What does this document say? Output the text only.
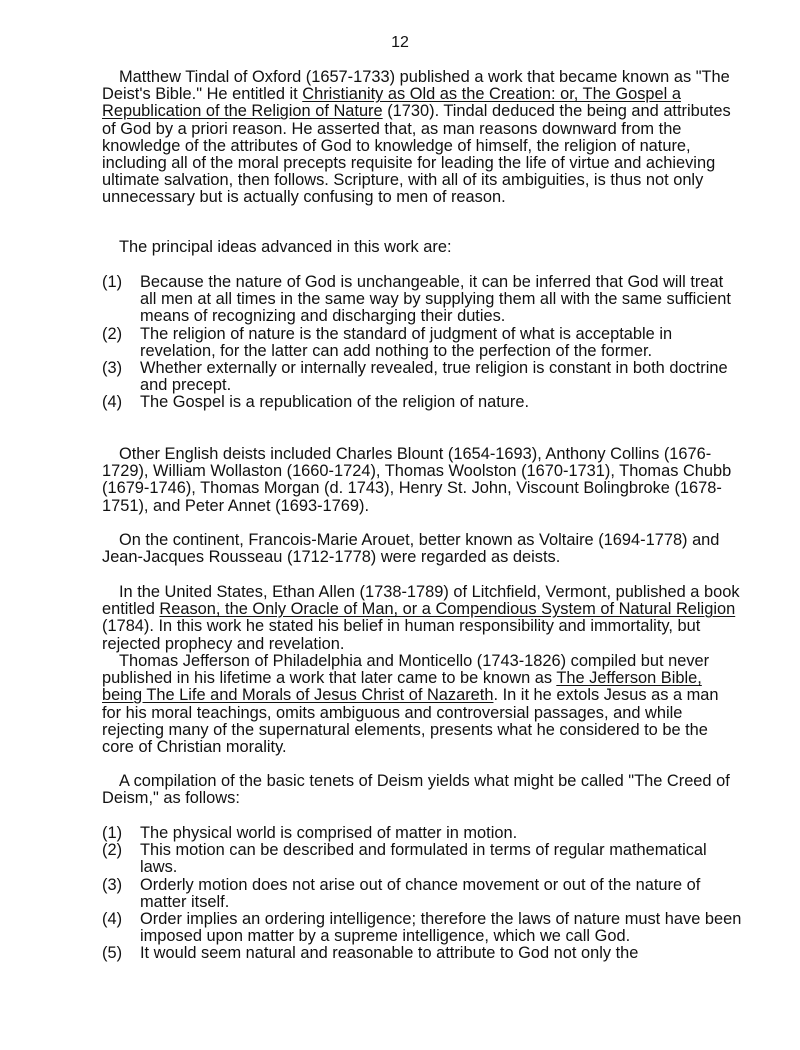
12

Matthew Tindal of Oxford (1657-1733) published a work that became known as "The Deist's Bible." He entitled it Christianity as Old as the Creation: or, The Gospel a Republication of the Religion of Nature (1730). Tindal deduced the being and attributes of God by a priori reason. He asserted that, as man reasons downward from the knowledge of the attributes of God to knowledge of himself, the religion of nature, including all of the moral precepts requisite for leading the life of virtue and achieving ultimate salvation, then follows. Scripture, with all of its ambiguities, is thus not only unnecessary but is actually confusing to men of reason.

The principal ideas advanced in this work are:

(1)	Because the nature of God is unchangeable, it can be inferred that God will treat all men at all times in the same way by supplying them all with the same sufficient means of recognizing and discharging their duties.
(2)	The religion of nature is the standard of judgment of what is acceptable in revelation, for the latter can add nothing to the perfection of the former.
(3)	Whether externally or internally revealed, true religion is constant in both doctrine and precept.
(4)	The Gospel is a republication of the religion of nature.

Other English deists included Charles Blount (1654-1693), Anthony Collins (1676-1729), William Wollaston (1660-1724), Thomas Woolston (1670-1731), Thomas Chubb (1679-1746), Thomas Morgan (d. 1743), Henry St. John, Viscount Bolingbroke (1678-1751), and Peter Annet (1693-1769).

On the continent, Francois-Marie Arouet, better known as Voltaire (1694-1778) and Jean-Jacques Rousseau (1712-1778) were regarded as deists.

In the United States, Ethan Allen (1738-1789) of Litchfield, Vermont, published a book entitled Reason, the Only Oracle of Man, or a Compendious System of Natural Religion (1784). In this work he stated his belief in human responsibility and immortality, but rejected prophecy and revelation.

Thomas Jefferson of Philadelphia and Monticello (1743-1826) compiled but never published in his lifetime a work that later came to be known as The Jefferson Bible, being The Life and Morals of Jesus Christ of Nazareth. In it he extols Jesus as a man for his moral teachings, omits ambiguous and controversial passages, and while rejecting many of the supernatural elements, presents what he considered to be the core of Christian morality.

A compilation of the basic tenets of Deism yields what might be called "The Creed of Deism," as follows:

(1)	The physical world is comprised of matter in motion.
(2)	This motion can be described and formulated in terms of regular mathematical laws.
(3)	Orderly motion does not arise out of chance movement or out of the nature of matter itself.
(4)	Order implies an ordering intelligence; therefore the laws of nature must have been imposed upon matter by a supreme intelligence, which we call God.
(5)	It would seem natural and reasonable to attribute to God not only the
